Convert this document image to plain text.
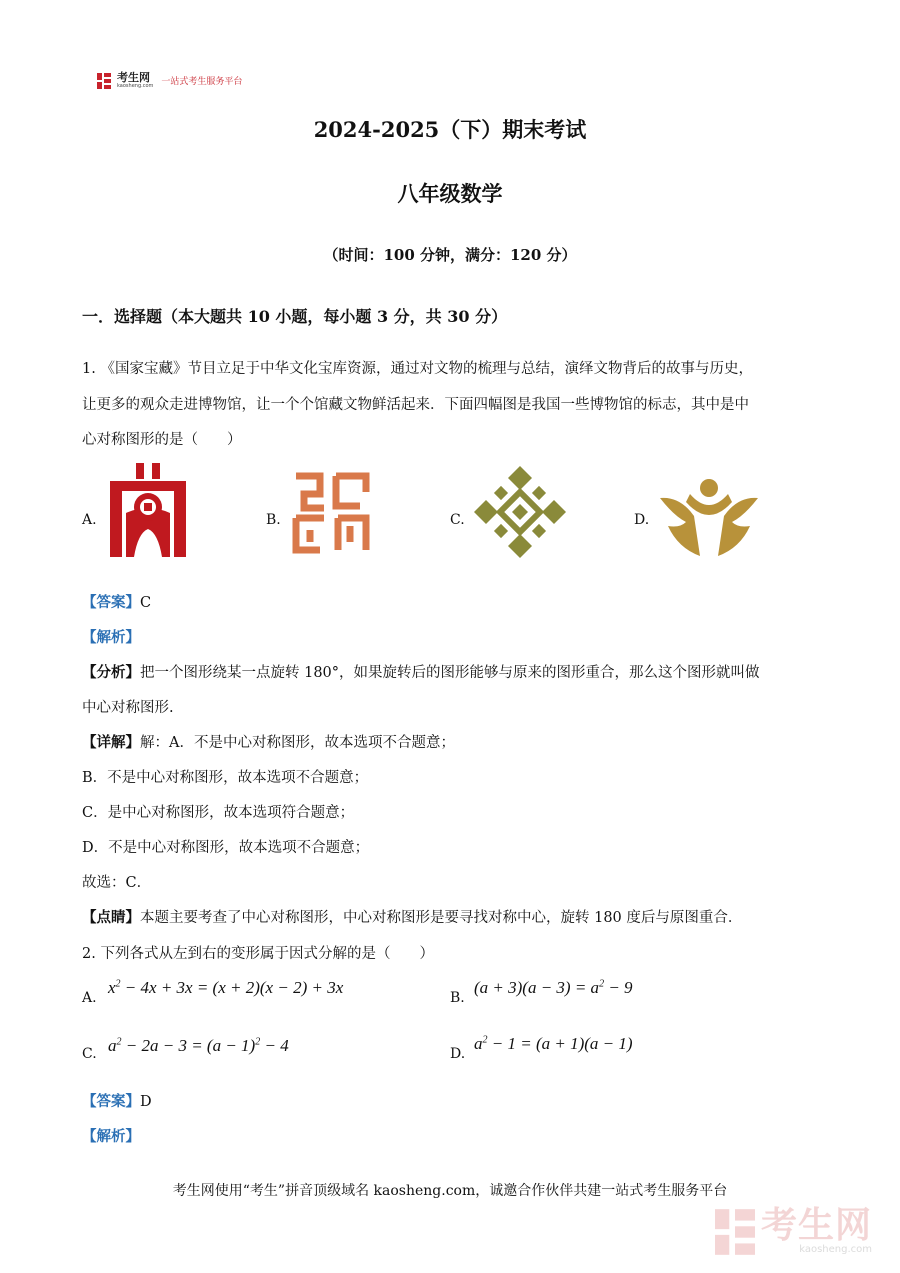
考生网
kaosheng.com 一站式考生服务平台
2024-2025（下）期末考试
八年级数学
（时间：100 分钟，满分：120 分）
一．选择题（本大题共 10 小题，每小题 3 分，共 30 分）
1. 《国家宝藏》节目立足于中华文化宝库资源，通过对文物的梳理与总结，演绎文物背后的故事与历史，
让更多的观众走进博物馆，让一个个馆藏文物鲜活起来．下面四幅图是我国一些博物馆的标志，其中是中
心对称图形的是（　　）
A.	B.	C.	D.
【答案】C
【解析】
【分析】把一个图形绕某一点旋转 180°，如果旋转后的图形能够与原来的图形重合，那么这个图形就叫做
中心对称图形.
【详解】解：A．不是中心对称图形，故本选项不合题意；
B．不是中心对称图形，故本选项不合题意；
C．是中心对称图形，故本选项符合题意；
D．不是中心对称图形，故本选项不合题意；
故选：C．
【点睛】本题主要考查了中心对称图形，中心对称图形是要寻找对称中心，旋转 180 度后与原图重合．
2. 下列各式从左到右的变形属于因式分解的是（　　）
A.
$x^2 - 4x + 3x = (x + 2)(x - 2) + 3x$
B.
$(a + 3)(a - 3) = a^2 - 9$
C. $a^2 - 2a - 3 = (a - 1)^2 - 4$	D.
$a^2 - 1 = (a + 1)(a - 1)$
【答案】D
【解析】
考生网使用“考生”拼音顶级域名 kaosheng.com，诚邀合作伙伴共建一站式考生服务平台
考生网
kaosheng.com
